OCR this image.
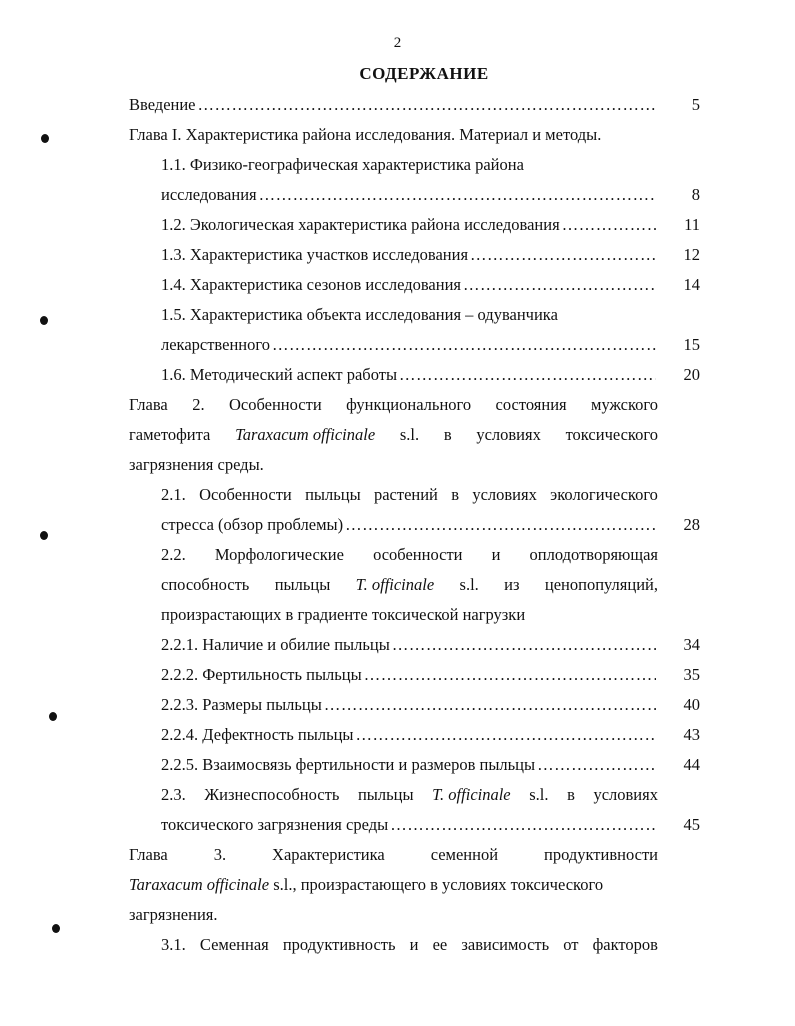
2
СОДЕРЖАНИЕ
Введение …………………………………………………………………………………………………………………………………………………………	5
Глава I. Характеристика района исследования. Материал и методы.
1.1. Физико-географическая характеристика района
исследования …………………………………………………………………………………………………………………………………………………………	8
1.2. Экологическая характеристика района исследования …………………………………………………………………………………………………………………………………………………………	11
1.3. Характеристика участков исследования …………………………………………………………………………………………………………………………………………………………	12
1.4. Характеристика сезонов исследования …………………………………………………………………………………………………………………………………………………………	14
1.5. Характеристика объекта исследования – одуванчика
лекарственного …………………………………………………………………………………………………………………………………………………………	15
1.6. Методический аспект работы …………………………………………………………………………………………………………………………………………………………	20
Глава 2. Особенности функционального состояния мужского
гаметофита Taraxacum officinale s.l. в условиях токсического
загрязнения среды.
2.1. Особенности пыльцы растений в условиях экологического
стресса (обзор проблемы) …………………………………………………………………………………………………………………………………………………………	28
2.2. Морфологические особенности и оплодотворяющая
способность пыльцы T. officinale s.l. из ценопопуляций,
произрастающих в градиенте токсической нагрузки
2.2.1. Наличие и обилие пыльцы …………………………………………………………………………………………………………………………………………………………	34
2.2.2. Фертильность пыльцы …………………………………………………………………………………………………………………………………………………………	35
2.2.3. Размеры пыльцы …………………………………………………………………………………………………………………………………………………………	40
2.2.4. Дефектность пыльцы …………………………………………………………………………………………………………………………………………………………	43
2.2.5. Взаимосвязь фертильности и размеров пыльцы …………………………………………………………………………………………………………………………………………………………	44
2.3. Жизнеспособность пыльцы T. officinale s.l. в условиях
токсического загрязнения среды …………………………………………………………………………………………………………………………………………………………	45
Глава	3.	Характеристика	семенной	продуктивности
Taraxacum officinale s.l., произрастающего в условиях токсического
загрязнения.
3.1. Семенная продуктивность и ее зависимость от факторов
